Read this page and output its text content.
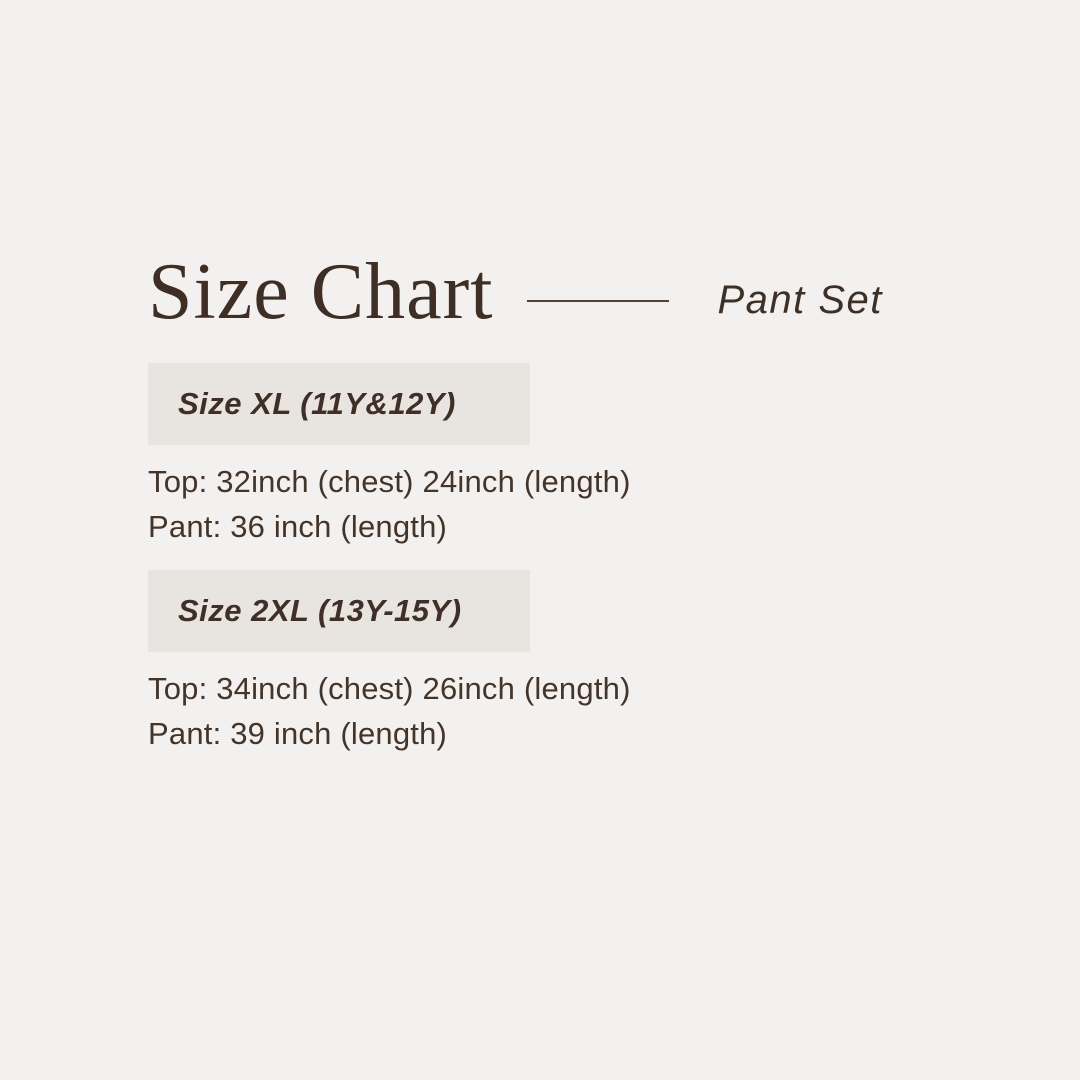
Size Chart	Pant Set
Size XL (11Y&12Y)

Top: 32inch (chest) 24inch (length)

Pant: 36 inch (length)

Size 2XL (13Y-15Y)

Top: 34inch (chest) 26inch (length)

Pant: 39 inch (length)
